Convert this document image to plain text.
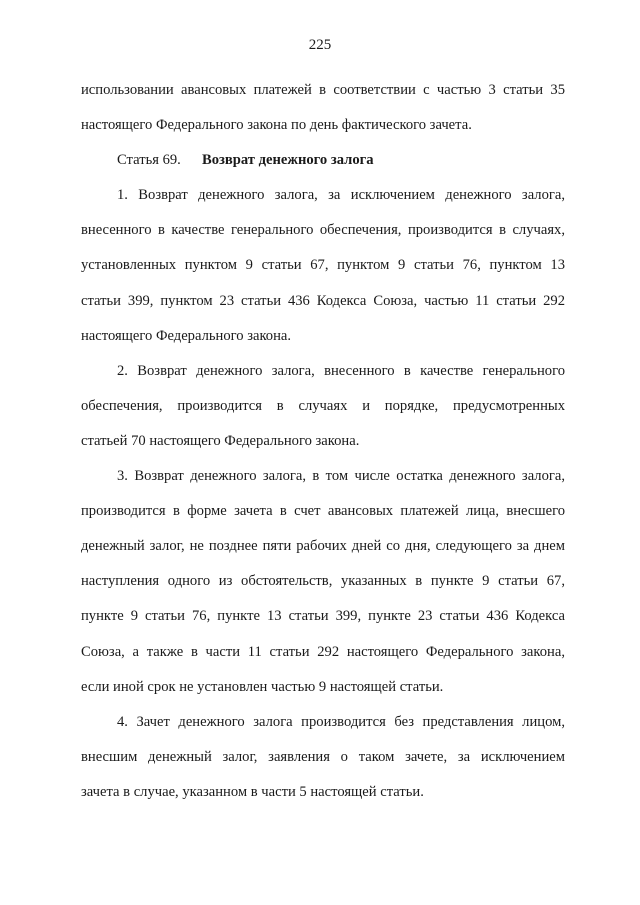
225
использовании авансовых платежей в соответствии с частью 3 статьи 35
настоящего Федерального закона по день фактического зачета.
Статья 69. Возврат денежного залога
1. Возврат денежного залога, за исключением денежного залога,
внесенного в качестве генерального обеспечения, производится в случаях,
установленных пунктом 9 статьи 67, пунктом 9 статьи 76, пунктом 13
статьи 399, пунктом 23 статьи 436 Кодекса Союза, частью 11 статьи 292
настоящего Федерального закона.
2. Возврат денежного залога, внесенного в качестве генерального
обеспечения, производится в случаях и порядке, предусмотренных
статьей 70 настоящего Федерального закона.
3. Возврат денежного залога, в том числе остатка денежного залога,
производится в форме зачета в счет авансовых платежей лица, внесшего
денежный залог, не позднее пяти рабочих дней со дня, следующего за днем
наступления одного из обстоятельств, указанных в пункте 9 статьи 67,
пункте 9 статьи 76, пункте 13 статьи 399, пункте 23 статьи 436 Кодекса
Союза, а также в части 11 статьи 292 настоящего Федерального закона,
если иной срок не установлен частью 9 настоящей статьи.
4. Зачет денежного залога производится без представления лицом,
внесшим денежный залог, заявления о таком зачете, за исключением
зачета в случае, указанном в части 5 настоящей статьи.
